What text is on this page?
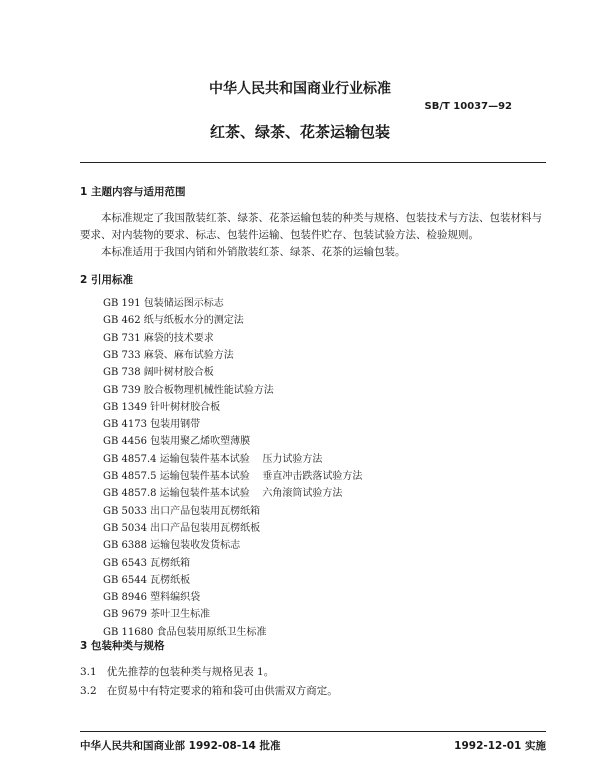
中华人民共和国商业行业标准
SB/T 10037—92
红茶、绿茶、花茶运输包装
1 主题内容与适用范围

本标准规定了我国散装红茶、绿茶、花茶运输包装的种类与规格、包装技术与方法、包装材料与要求、对内装物的要求、标志、包装件运输、包装件贮存、包装试验方法、检验规则。

本标准适用于我国内销和外销散装红茶、绿茶、花茶的运输包装。

2 引用标准
GB 191 包装储运图示标志
GB 462 纸与纸板水分的测定法
GB 731 麻袋的技术要求
GB 733 麻袋、麻布试验方法
GB 738 阔叶树材胶合板
GB 739 胶合板物理机械性能试验方法
GB 1349 针叶树材胶合板
GB 4173 包装用钢带
GB 4456 包装用聚乙烯吹塑薄膜
GB 4857.4 运输包装件基本试验    压力试验方法
GB 4857.5 运输包装件基本试验    垂直冲击跌落试验方法
GB 4857.8 运输包装件基本试验    六角滚筒试验方法
GB 5033 出口产品包装用瓦楞纸箱
GB 5034 出口产品包装用瓦楞纸板
GB 6388 运输包装收发货标志
GB 6543 瓦楞纸箱
GB 6544 瓦楞纸板
GB 8946 塑料编织袋
GB 9679 茶叶卫生标准
GB 11680 食品包装用原纸卫生标准
3 包装种类与规格
3.1 优先推荐的包装种类与规格见表 1。
3.2 在贸易中有特定要求的箱和袋可由供需双方商定。
中华人民共和国商业部 1992-08-14 批准	1992-12-01 实施
